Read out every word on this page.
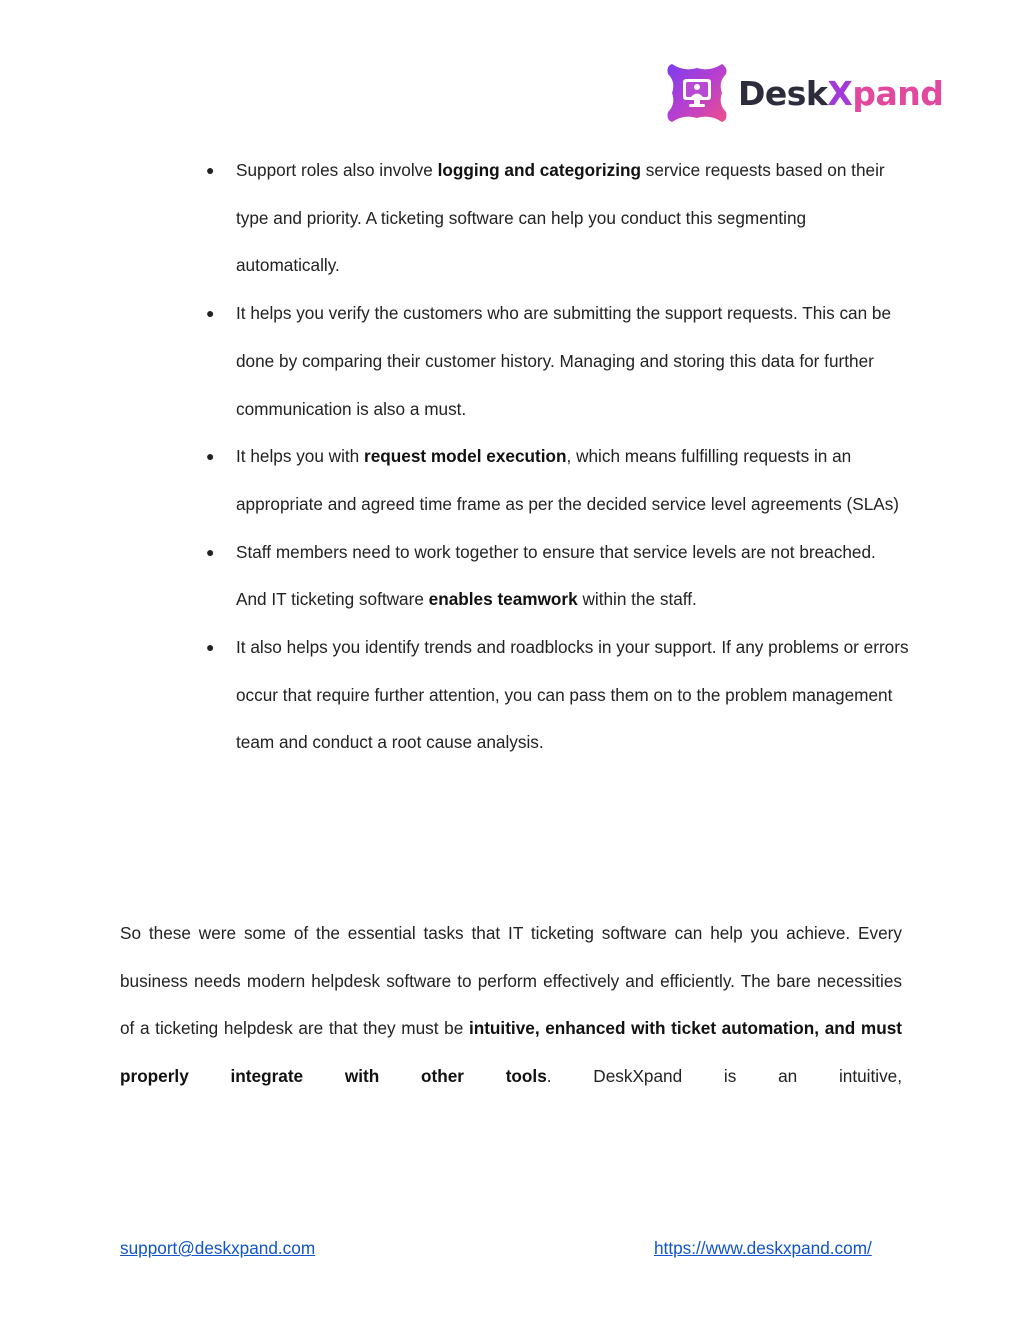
DeskXpand
● Support roles also involve logging and categorizing service requests based on their type and priority. A ticketing software can help you conduct this segmenting automatically.
● It helps you verify the customers who are submitting the support requests. This can be done by comparing their customer history. Managing and storing this data for further communication is also a must.
● It helps you with request model execution, which means fulfilling requests in an appropriate and agreed time frame as per the decided service level agreements (SLAs)
● Staff members need to work together to ensure that service levels are not breached. And IT ticketing software enables teamwork within the staff.
● It also helps you identify trends and roadblocks in your support. If any problems or errors occur that require further attention, you can pass them on to the problem management team and conduct a root cause analysis.

So these were some of the essential tasks that IT ticketing software can help you achieve. Every business needs modern helpdesk software to perform effectively and efficiently. The bare necessities of a ticketing helpdesk are that they must be intuitive, enhanced with ticket automation, and must properly integrate with other tools. DeskXpand is an intuitive,

support@deskxpand.com	https://www.deskxpand.com/
